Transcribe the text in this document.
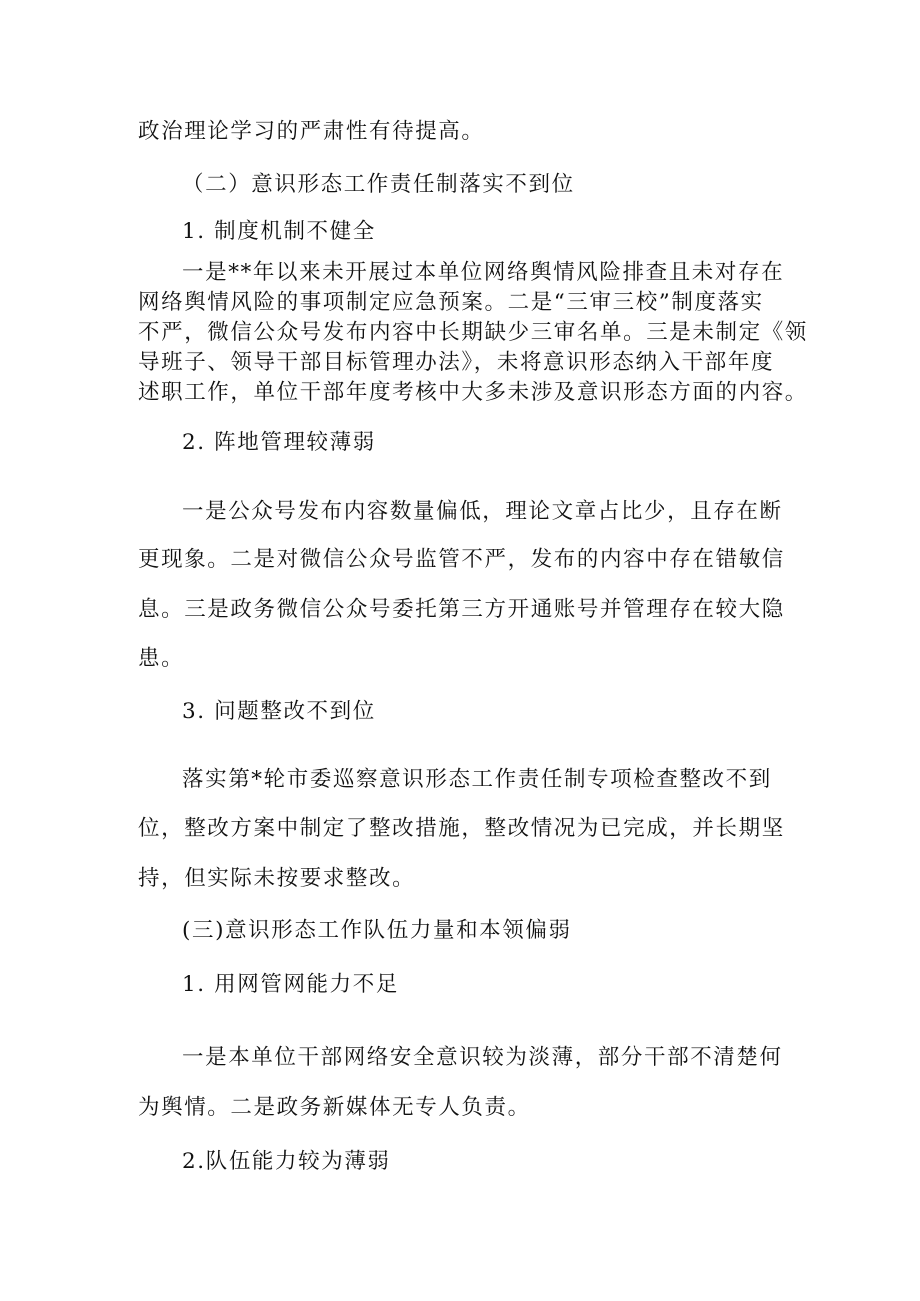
政治理论学习的严肃性有待提高。
（二）意识形态工作责任制落实不到位
1. 制度机制不健全
一是**年以来未开展过本单位网络舆情风险排查且未对存在
网络舆情风险的事项制定应急预案。二是“三审三校”制度落实
不严，微信公众号发布内容中长期缺少三审名单。三是未制定《领
导班子、领导干部目标管理办法》，未将意识形态纳入干部年度
述职工作，单位干部年度考核中大多未涉及意识形态方面的内容。
2. 阵地管理较薄弱
一是公众号发布内容数量偏低，理论文章占比少，且存在断
更现象。二是对微信公众号监管不严，发布的内容中存在错敏信
息。三是政务微信公众号委托第三方开通账号并管理存在较大隐
患。
3. 问题整改不到位
落实第*轮市委巡察意识形态工作责任制专项检查整改不到
位，整改方案中制定了整改措施，整改情况为已完成，并长期坚
持，但实际未按要求整改。
(三)意识形态工作队伍力量和本领偏弱
1. 用网管网能力不足
一是本单位干部网络安全意识较为淡薄，部分干部不清楚何
为舆情。二是政务新媒体无专人负责。
2.队伍能力较为薄弱
